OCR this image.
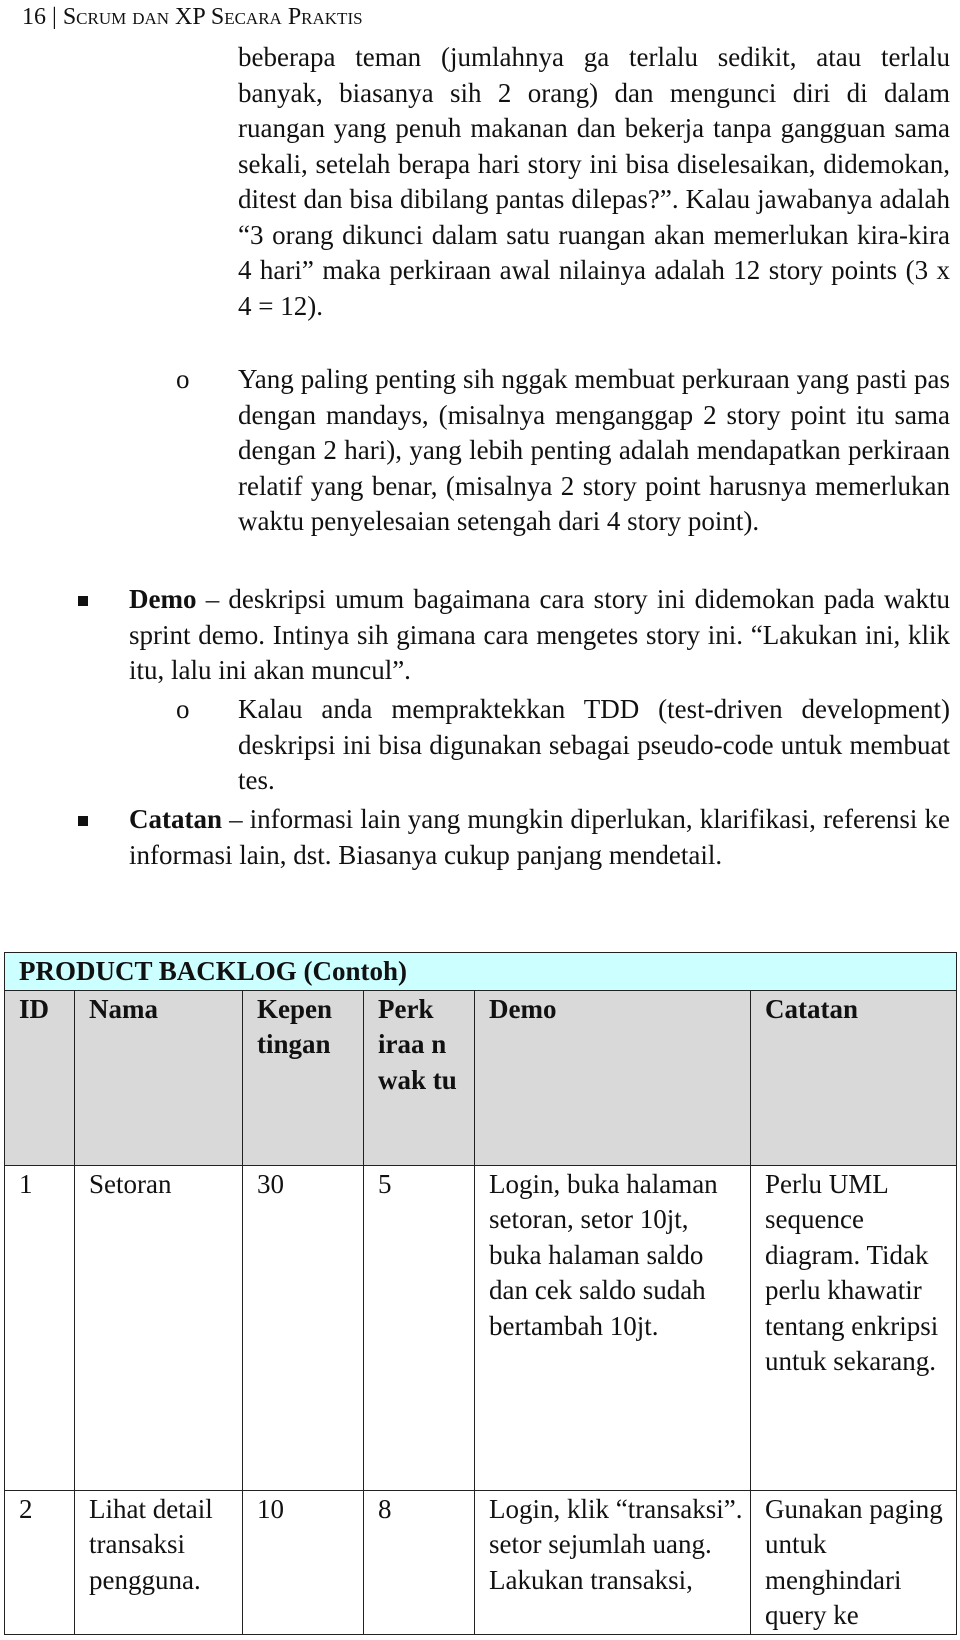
16 | Scrum dan XP Secara Praktis
beberapa teman (jumlahnya ga terlalu sedikit, atau terlalu banyak, biasanya sih 2 orang) dan mengunci diri di dalam ruangan yang penuh makanan dan bekerja tanpa gangguan sama sekali, setelah berapa hari story ini bisa diselesaikan, didemokan, ditest dan bisa dibilang pantas dilepas?”. Kalau jawabanya adalah “3 orang dikunci dalam satu ruangan akan memerlukan kira-kira 4 hari” maka perkiraan awal nilainya adalah 12 story points (3 x 4 = 12).
o Yang paling penting sih nggak membuat perkuraan yang pasti pas dengan mandays, (misalnya menganggap 2 story point itu sama dengan 2 hari), yang lebih penting adalah mendapatkan perkiraan relatif yang benar, (misalnya 2 story point harusnya memerlukan waktu penyelesaian setengah dari 4 story point).
Demo – deskripsi umum bagaimana cara story ini didemokan pada waktu sprint demo. Intinya sih gimana cara mengetes story ini. “Lakukan ini, klik itu, lalu ini akan muncul”.
o Kalau anda mempraktekkan TDD (test-driven development) deskripsi ini bisa digunakan sebagai pseudo-code untuk membuat tes.
Catatan – informasi lain yang mungkin diperlukan, klarifikasi, referensi ke informasi lain, dst. Biasanya cukup panjang mendetail.
PRODUCT BACKLOG (Contoh)					
ID	Nama	Kepen tingan	Perk iraa n wak tu	Demo	Catatan
1	Setoran	30	5	Login, buka halaman setoran, setor 10jt, buka halaman saldo dan cek saldo sudah bertambah 10jt.	Perlu UML sequence diagram. Tidak perlu khawatir tentang enkripsi untuk sekarang.
2	Lihat detail transaksi pengguna.	10	8	Login, klik “transaksi”. setor sejumlah uang. Lakukan transaksi,	Gunakan paging untuk menghindari query ke
